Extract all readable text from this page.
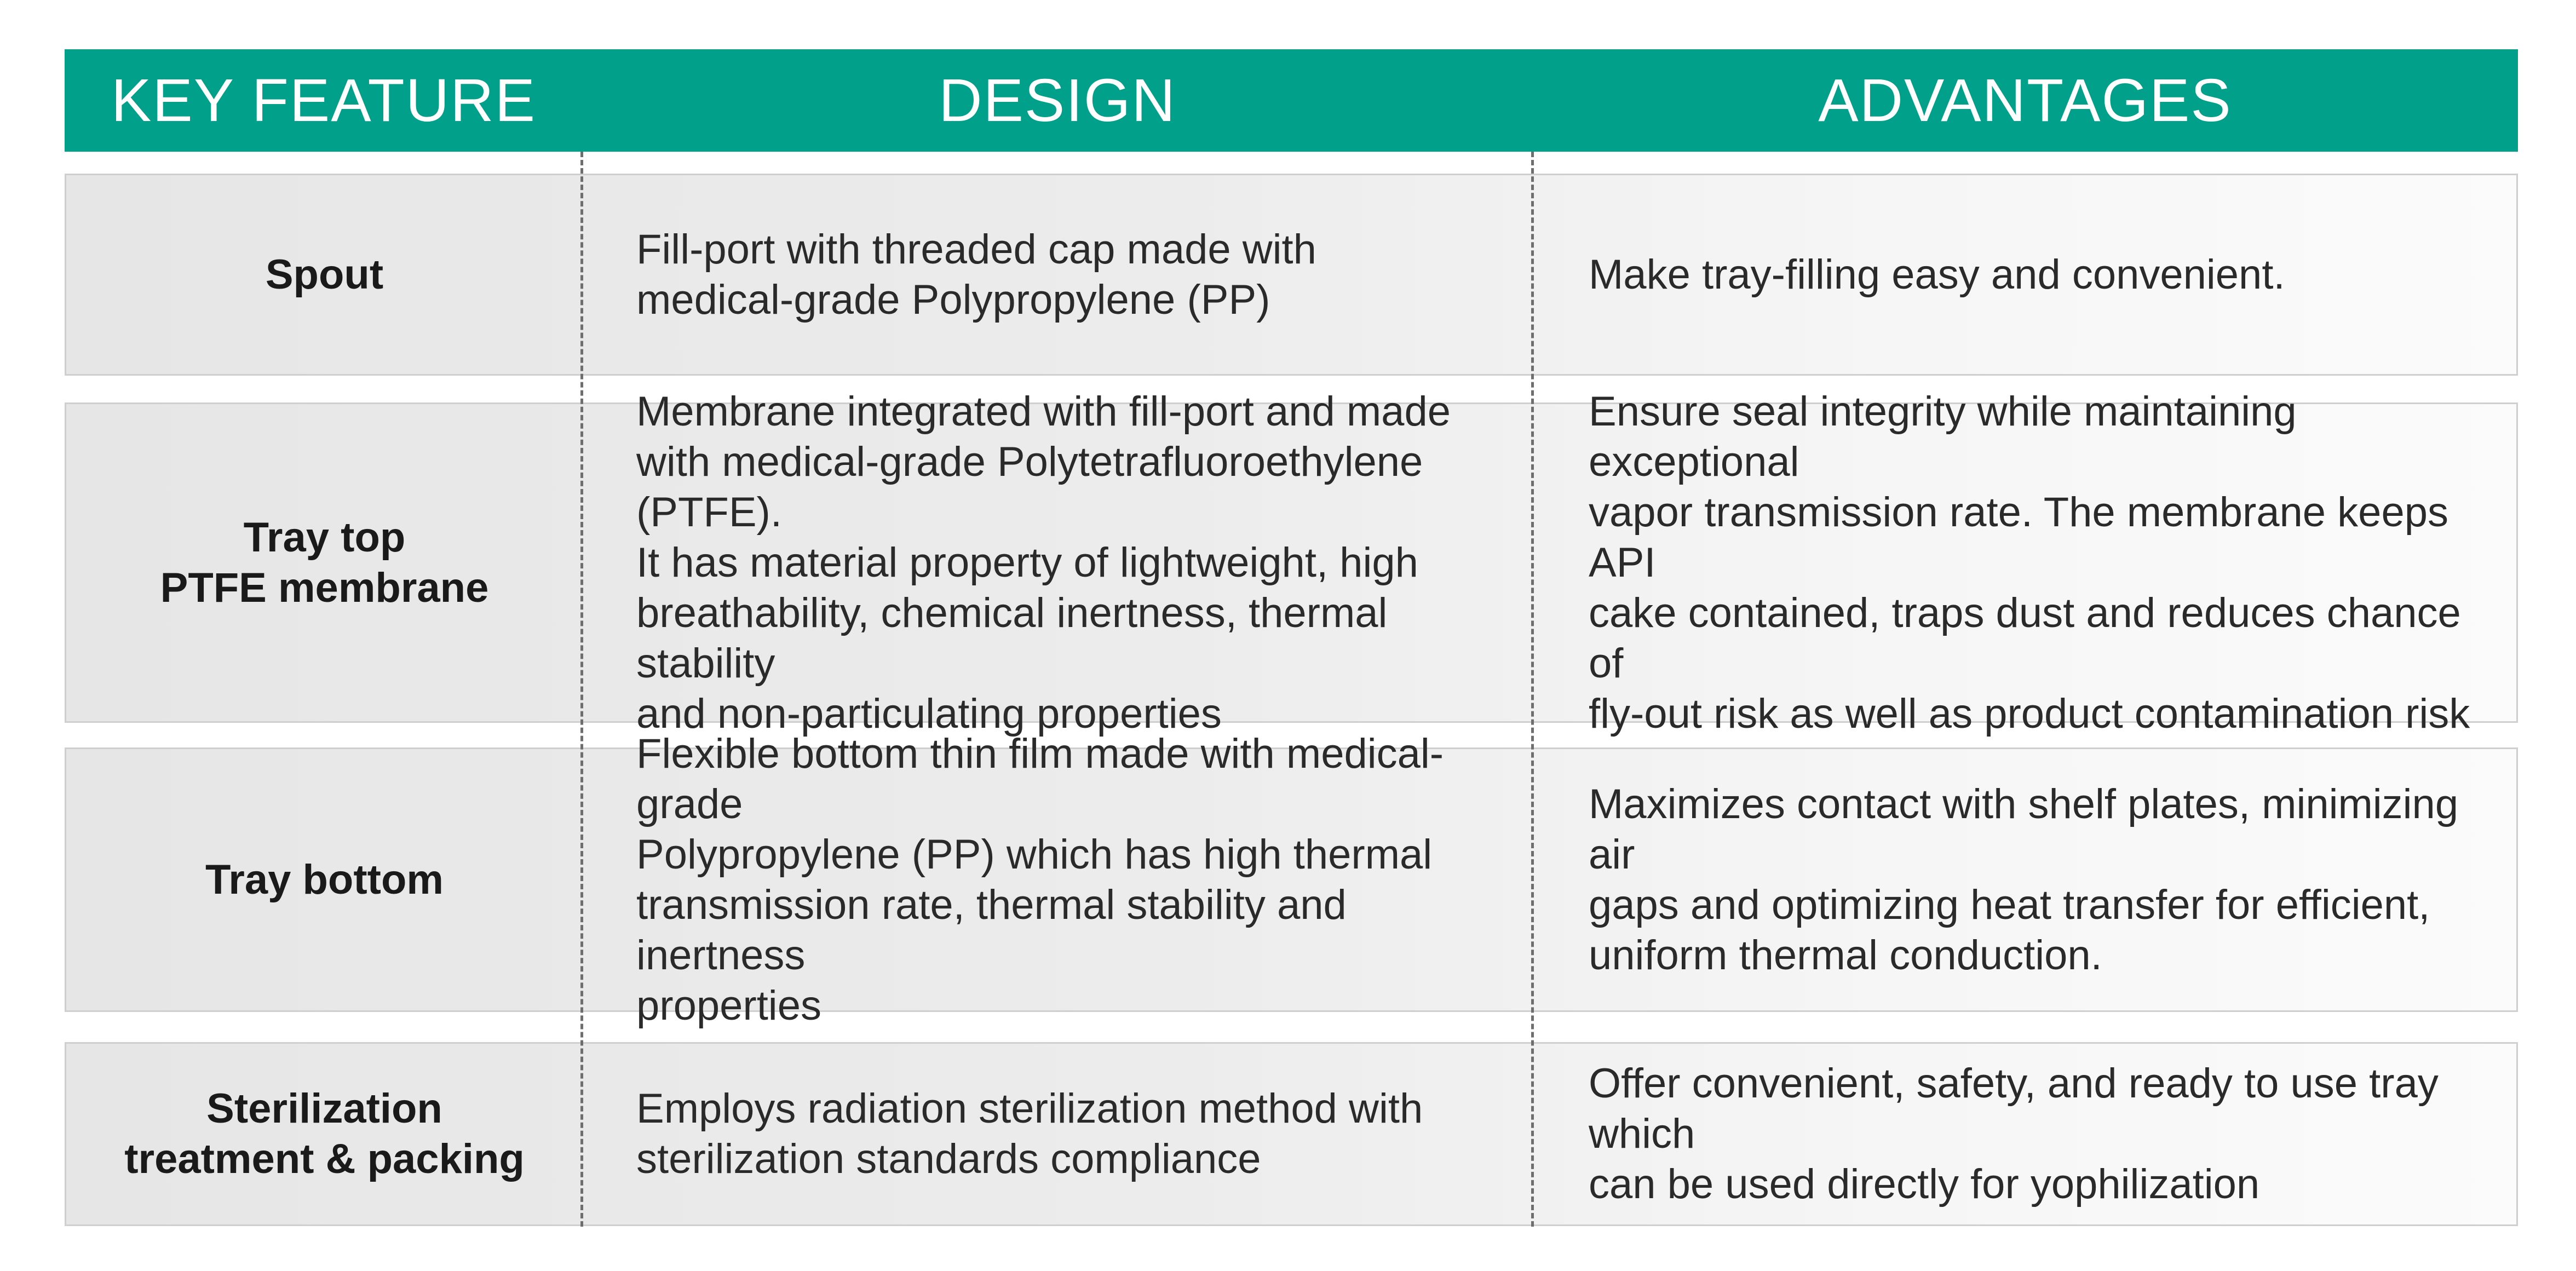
KEY FEATURE	DESIGN	ADVANTAGES
Spout
Fill-port with threaded cap made with
medical-grade Polypropylene (PP)
Make tray-filling easy and convenient.
Tray top
PTFE membrane
Membrane integrated with fill-port and made
with medical-grade Polytetrafluoroethylene (PTFE).
It has material property of lightweight, high
breathability, chemical inertness, thermal stability
and non-particulating properties
Ensure seal integrity while maintaining exceptional
vapor transmission rate. The membrane keeps API
cake contained, traps dust and reduces chance of
fly-out risk as well as product contamination risk
Tray bottom
Flexible bottom thin film made with medical-grade
Polypropylene (PP) which has high thermal
transmission rate, thermal stability and inertness
properties
Maximizes contact with shelf plates, minimizing air
gaps and optimizing heat transfer for efficient,
uniform thermal conduction.
Sterilization
treatment & packing
Employs radiation sterilization method with
sterilization standards compliance
Offer convenient, safety, and ready to use tray which
can be used directly for yophilization
